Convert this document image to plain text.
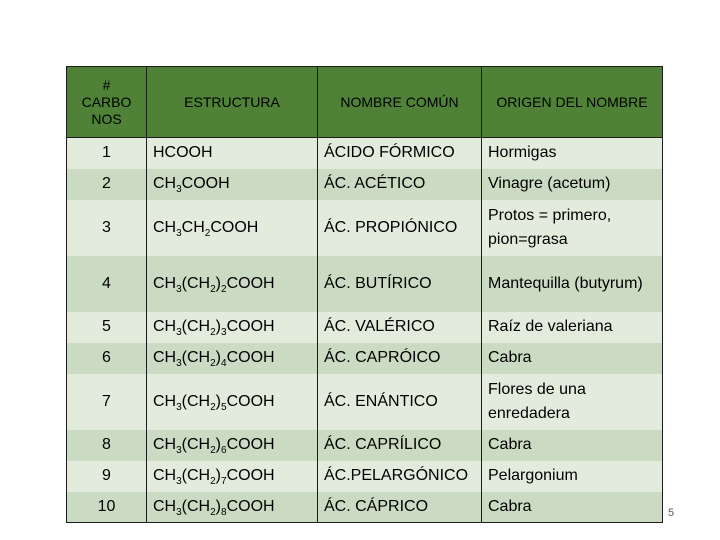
#
CARBO
NOS	ESTRUCTURA	NOMBRE COMÚN	ORIGEN DEL NOMBRE
1	HCOOH	ÁCIDO FÓRMICO	Hormigas
2	$CH_3COOH$	ÁC. ACÉTICO	Vinagre (acetum)
3	$CH_3CH_2COOH$	ÁC. PROPIÓNICO	Protos = primero, pion=grasa
4	$CH_3(CH_2)_2COOH$	ÁC. BUTÍRICO	Mantequilla (butyrum)
5	$CH_3(CH_2)_3COOH$	ÁC. VALÉRICO	Raíz de valeriana
6	$CH_3(CH_2)_4COOH$	ÁC. CAPRÓICO	Cabra
7	$CH_3(CH_2)_5COOH$	ÁC. ENÁNTICO	Flores de una enredadera
8	$CH_3(CH_2)_6COOH$	ÁC. CAPRÍLICO	Cabra
9	$CH_3(CH_2)_7COOH$	ÁC.PELARGÓNICO	Pelargonium
10	$CH_3(CH_2)_8COOH$	ÁC. CÁPRICO	Cabra	5
